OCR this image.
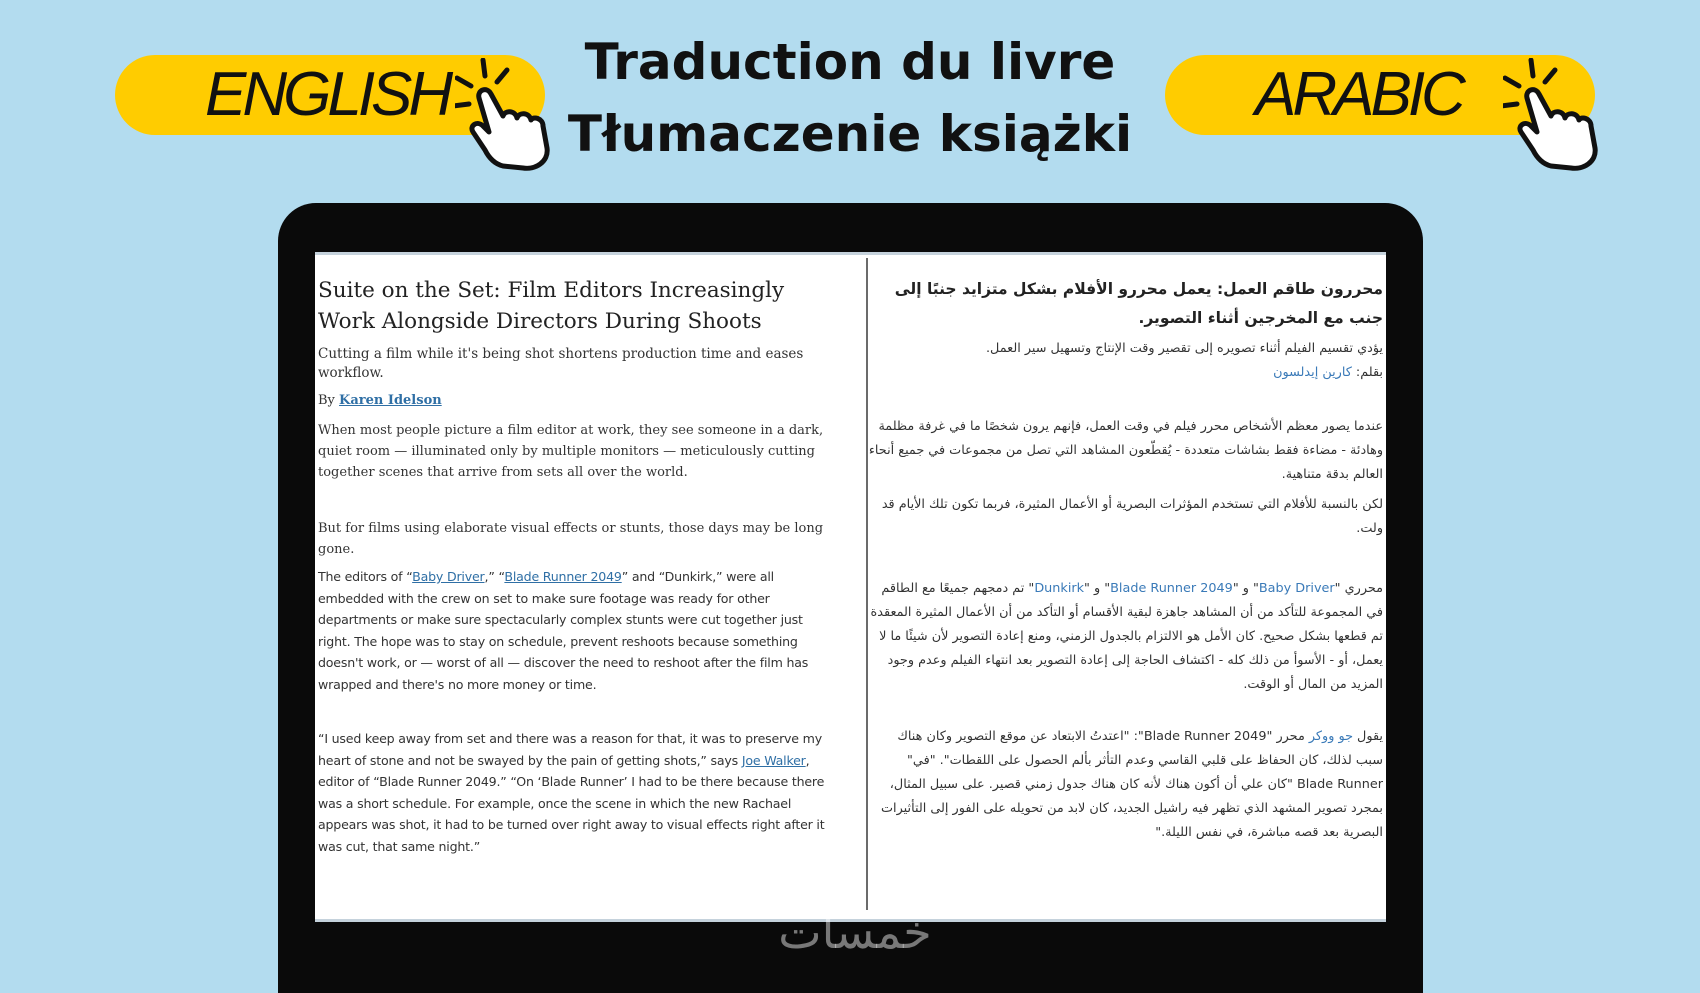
ENGLISH	ARABIC
Traduction du livre
Tłumaczenie książki
Suite on the Set: Film Editors Increasingly Work Alongside Directors During Shoots

Cutting a film while it's being shot shortens production time and eases workflow.

By Karen Idelson

When most people picture a film editor at work, they see someone in a dark, quiet room — illuminated only by multiple monitors — meticulously cutting together scenes that arrive from sets all over the world.

But for films using elaborate visual effects or stunts, those days may be long gone.

The editors of “Baby Driver,” “Blade Runner 2049” and “Dunkirk,” were all embedded with the crew on set to make sure footage was ready for other departments or make sure spectacularly complex stunts were cut together just right. The hope was to stay on schedule, prevent reshoots because something doesn't work, or — worst of all — discover the need to reshoot after the film has wrapped and there's no more money or time.

“I used keep away from set and there was a reason for that, it was to preserve my heart of stone and not be swayed by the pain of getting shots,” says Joe Walker, editor of “Blade Runner 2049.” “On ‘Blade Runner’ I had to be there because there was a short schedule. For example, once the scene in which the new Rachael appears was shot, it had to be turned over right away to visual effects right after it was cut, that same night.”

محررون طاقم العمل: يعمل محررو الأفلام بشكل متزايد جنبًا إلى جنب مع المخرجين أثناء التصوير.

يؤدي تقسيم الفيلم أثناء تصويره إلى تقصير وقت الإنتاج وتسهيل سير العمل.

بقلم: كارين إيدلسون

عندما يصور معظم الأشخاص محرر فيلم في وقت العمل، فإنهم يرون شخصًا ما في غرفة مظلمة وهادئة - مضاءة فقط بشاشات متعددة - يُقطّعون المشاهد التي تصل من مجموعات في جميع أنحاء العالم بدقة متناهية.

لكن بالنسبة للأفلام التي تستخدم المؤثرات البصرية أو الأعمال المثيرة، فربما تكون تلك الأيام قد ولت.

محرري "Baby Driver" و "Blade Runner 2049" و "Dunkirk" تم دمجهم جميعًا مع الطاقم في المجموعة للتأكد من أن المشاهد جاهزة لبقية الأقسام أو التأكد من أن الأعمال المثيرة المعقدة تم قطعها بشكل صحيح. كان الأمل هو الالتزام بالجدول الزمني، ومنع إعادة التصوير لأن شيئًا ما لا يعمل، أو - الأسوأ من ذلك كله - اكتشاف الحاجة إلى إعادة التصوير بعد انتهاء الفيلم وعدم وجود المزيد من المال أو الوقت.

يقول جو ووكر محرر "Blade Runner 2049": "اعتدتُ الابتعاد عن موقع التصوير وكان هناك سبب لذلك، كان الحفاظ على قلبي القاسي وعدم التأثر بألم الحصول على اللقطات". "في" Blade Runner "كان علي أن أكون هناك لأنه كان هناك جدول زمني قصير. على سبيل المثال، بمجرد تصوير المشهد الذي تظهر فيه راشيل الجديد، كان لابد من تحويله على الفور إلى التأثيرات البصرية بعد قصه مباشرة، في نفس الليلة."

خمسات
